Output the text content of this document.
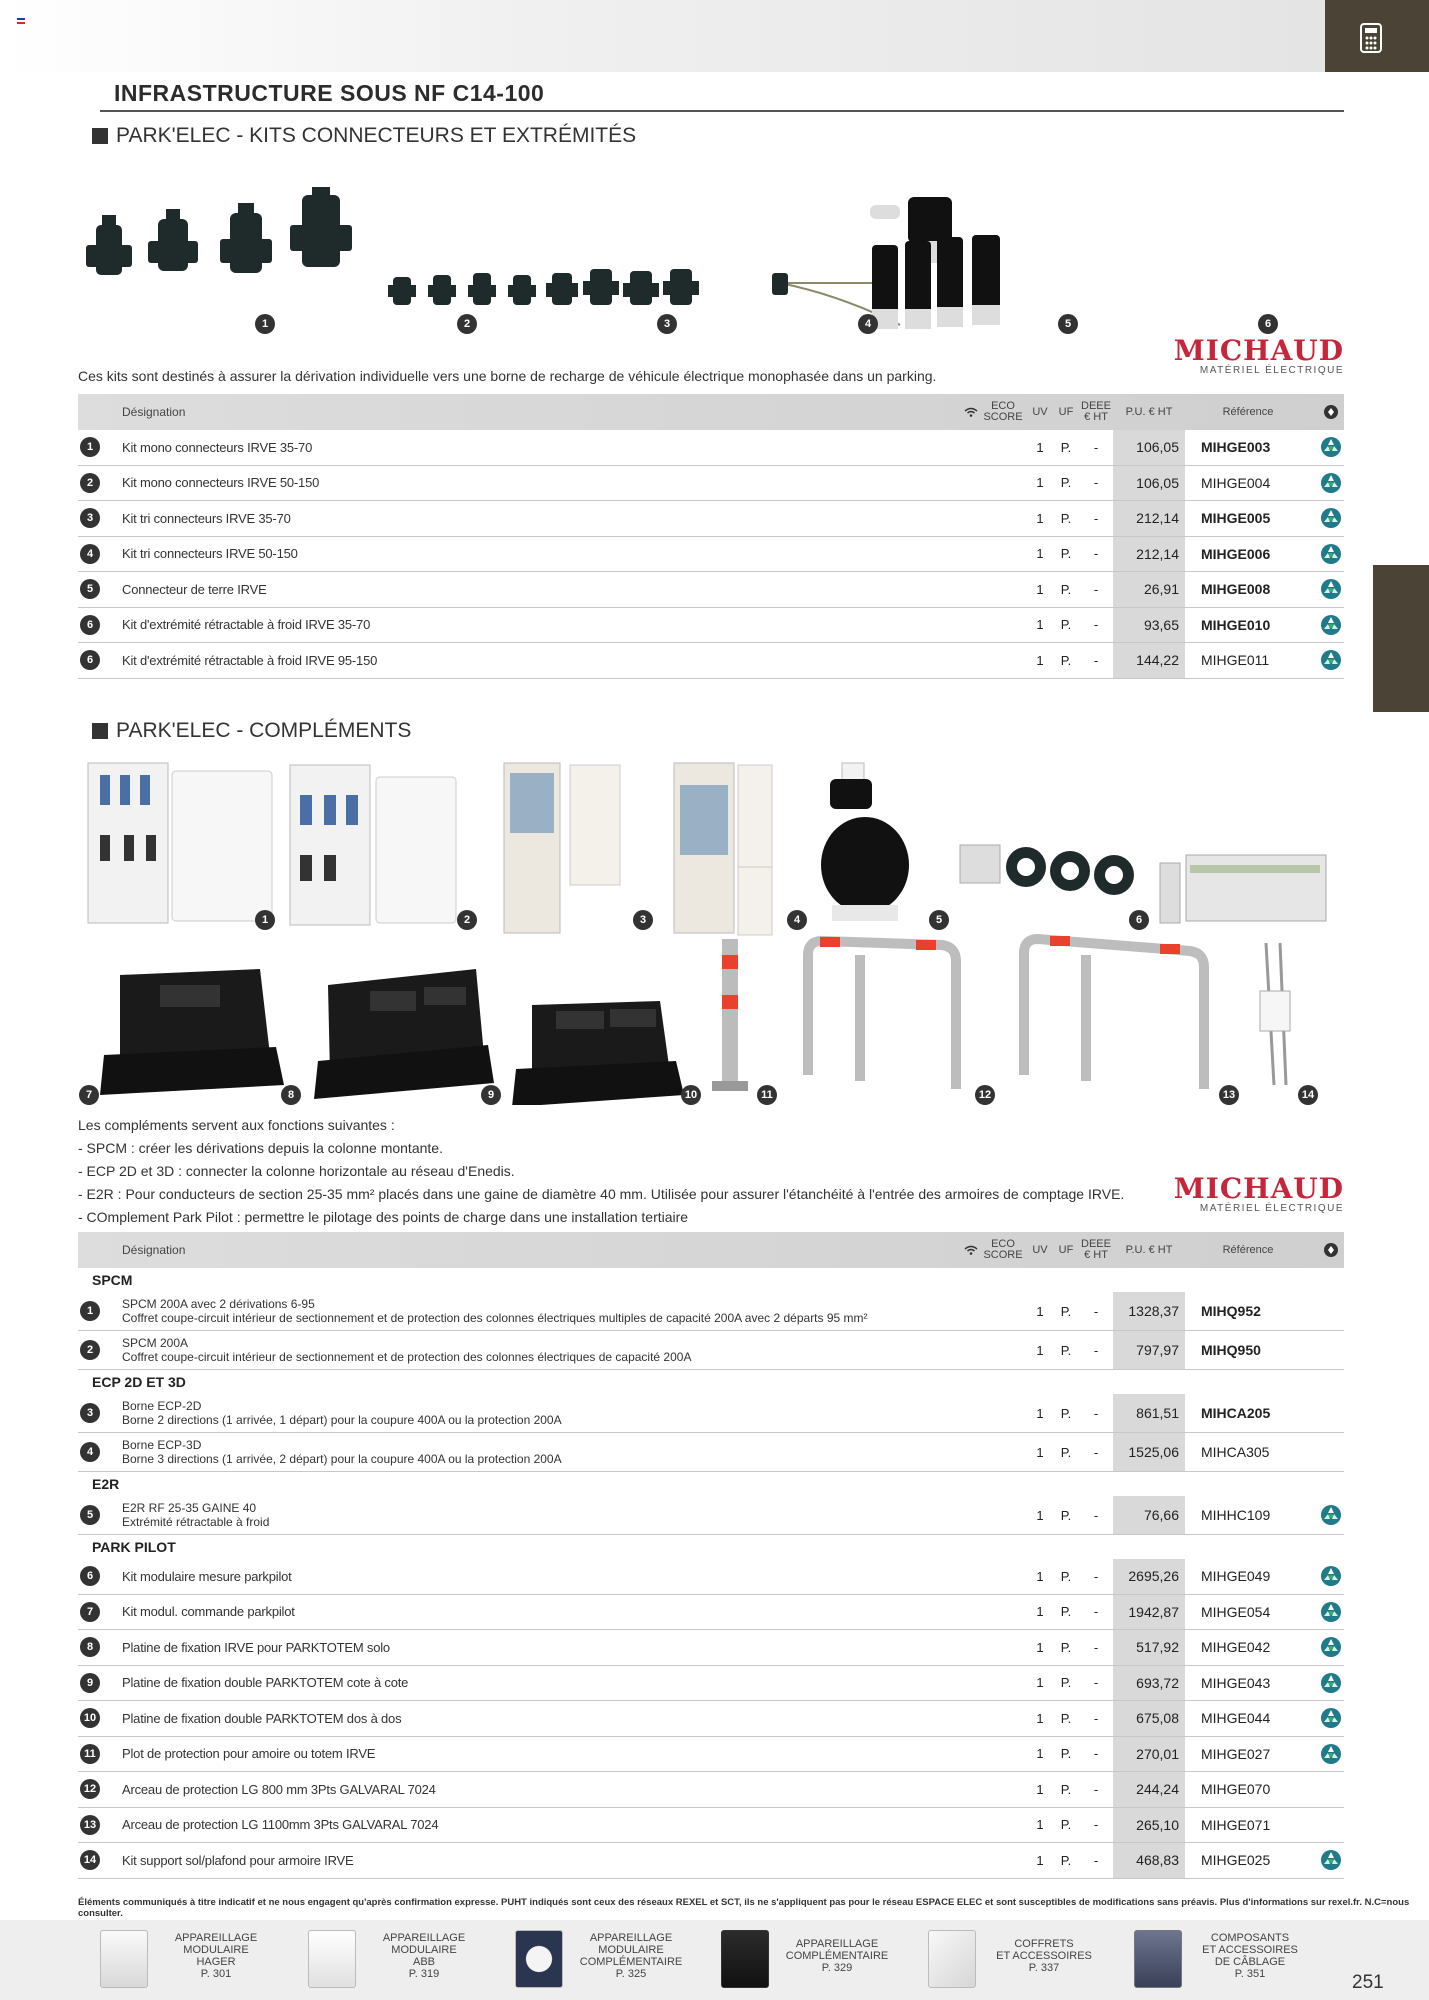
INFRASTRUCTURE SOUS NF C14-100
PARK'ELEC - KITS CONNECTEURS ET EXTRÉMITÉS
1	2	3	4	5	6
MICHAUD
MATÉRIEL ÉLECTRIQUE
Ces kits sont destinés à assurer la dérivation individuelle vers une borne de recharge de véhicule électrique monophasée dans un parking.
Désignation	ECO SCORE UV UF DEEE € HT	P.U. € HT	Référence
1	Kit mono connecteurs IRVE 35-70	1	P.	-	106,05	MIHGE003
2	Kit mono connecteurs IRVE 50-150	1	P.	-	106,05	MIHGE004
3	Kit tri connecteurs IRVE 35-70	1	P.	-	212,14	MIHGE005
4	Kit tri connecteurs IRVE 50-150	1	P.	-	212,14	MIHGE006
5	Connecteur de terre IRVE	1	P.	-	26,91	MIHGE008
6	Kit d'extrémité rétractable à froid IRVE 35-70	1	P.	-	93,65	MIHGE010
6	Kit d'extrémité rétractable à froid IRVE 95-150	1	P.	-	144,22	MIHGE011
PARK'ELEC - COMPLÉMENTS
1	2	3	4	5	6
7	8	9	10	11	12	13	14
Les compléments servent aux fonctions suivantes :
- SPCM : créer les dérivations depuis la colonne montante.
- ECP 2D et 3D : connecter la colonne horizontale au réseau d'Enedis.
- E2R : Pour conducteurs de section 25-35 mm² placés dans une gaine de diamètre 40 mm. Utilisée pour assurer l'étanchéité à l'entrée des armoires de comptage IRVE.
- COmplement Park Pilot : permettre le pilotage des points de charge dans une installation tertiaire
MICHAUD
MATÉRIEL ÉLECTRIQUE
Désignation	ECO SCORE UV UF DEEE € HT	P.U. € HT	Référence
SPCM
1	SPCM 200A avec 2 dérivations 6-95
Coffret coupe-circuit intérieur de sectionnement et de protection des colonnes électriques multiples de capacité 200A avec 2 départs 95 mm²	1	P.	-	1328,37	MIHQ952
2	SPCM 200A
Coffret coupe-circuit intérieur de sectionnement et de protection des colonnes électriques de capacité 200A	1	P.	-	797,97	MIHQ950
ECP 2D ET 3D
3	Borne ECP-2D
Borne 2 directions (1 arrivée, 1 départ) pour la coupure 400A ou la protection 200A	1	P.	-	861,51	MIHCA205
4	Borne ECP-3D
Borne 3 directions (1 arrivée, 2 départ) pour la coupure 400A ou la protection 200A	1	P.	-	1525,06	MIHCA305
E2R
5	E2R RF 25-35 GAINE 40
Extrémité rétractable à froid	1	P.	-	76,66	MIHHC109
PARK PILOT
6	Kit modulaire mesure parkpilot	1	P.	-	2695,26	MIHGE049
7	Kit modul. commande parkpilot	1	P.	-	1942,87	MIHGE054
8	Platine de fixation IRVE pour PARKTOTEM solo	1	P.	-	517,92	MIHGE042
9	Platine de fixation double PARKTOTEM cote à cote	1	P.	-	693,72	MIHGE043
10 Platine de fixation double PARKTOTEM dos à dos	1	P.	-	675,08	MIHGE044
11	Plot de protection pour amoire ou totem IRVE	1	P.	-	270,01	MIHGE027
12 Arceau de protection LG 800 mm 3Pts GALVARAL 7024	1	P.	-	244,24	MIHGE070
13 Arceau de protection LG 1100mm 3Pts GALVARAL 7024	1	P.	-	265,10	MIHGE071
14 Kit support sol/plafond pour armoire IRVE	1	P.	-	468,83	MIHGE025
Éléments communiqués à titre indicatif et ne nous engagent qu'après confirmation expresse. PUHT indiqués sont ceux des réseaux REXEL et SCT, ils ne s'appliquent pas pour le réseau ESPACE ELEC et sont susceptibles de modifications sans préavis. Plus d'informations sur rexel.fr. N.C=nous consulter.
APPAREILLAGE
MODULAIRE
HAGER
P. 301
APPAREILLAGE
MODULAIRE
ABB
P. 319
APPAREILLAGE
MODULAIRE
COMPLÉMENTAIRE
P. 325
APPAREILLAGE
COMPLÉMENTAIRE
P. 329
COFFRETS
ET ACCESSOIRES
P. 337
COMPOSANTS
ET ACCESSOIRES
DE CÂBLAGE
P. 351	251
